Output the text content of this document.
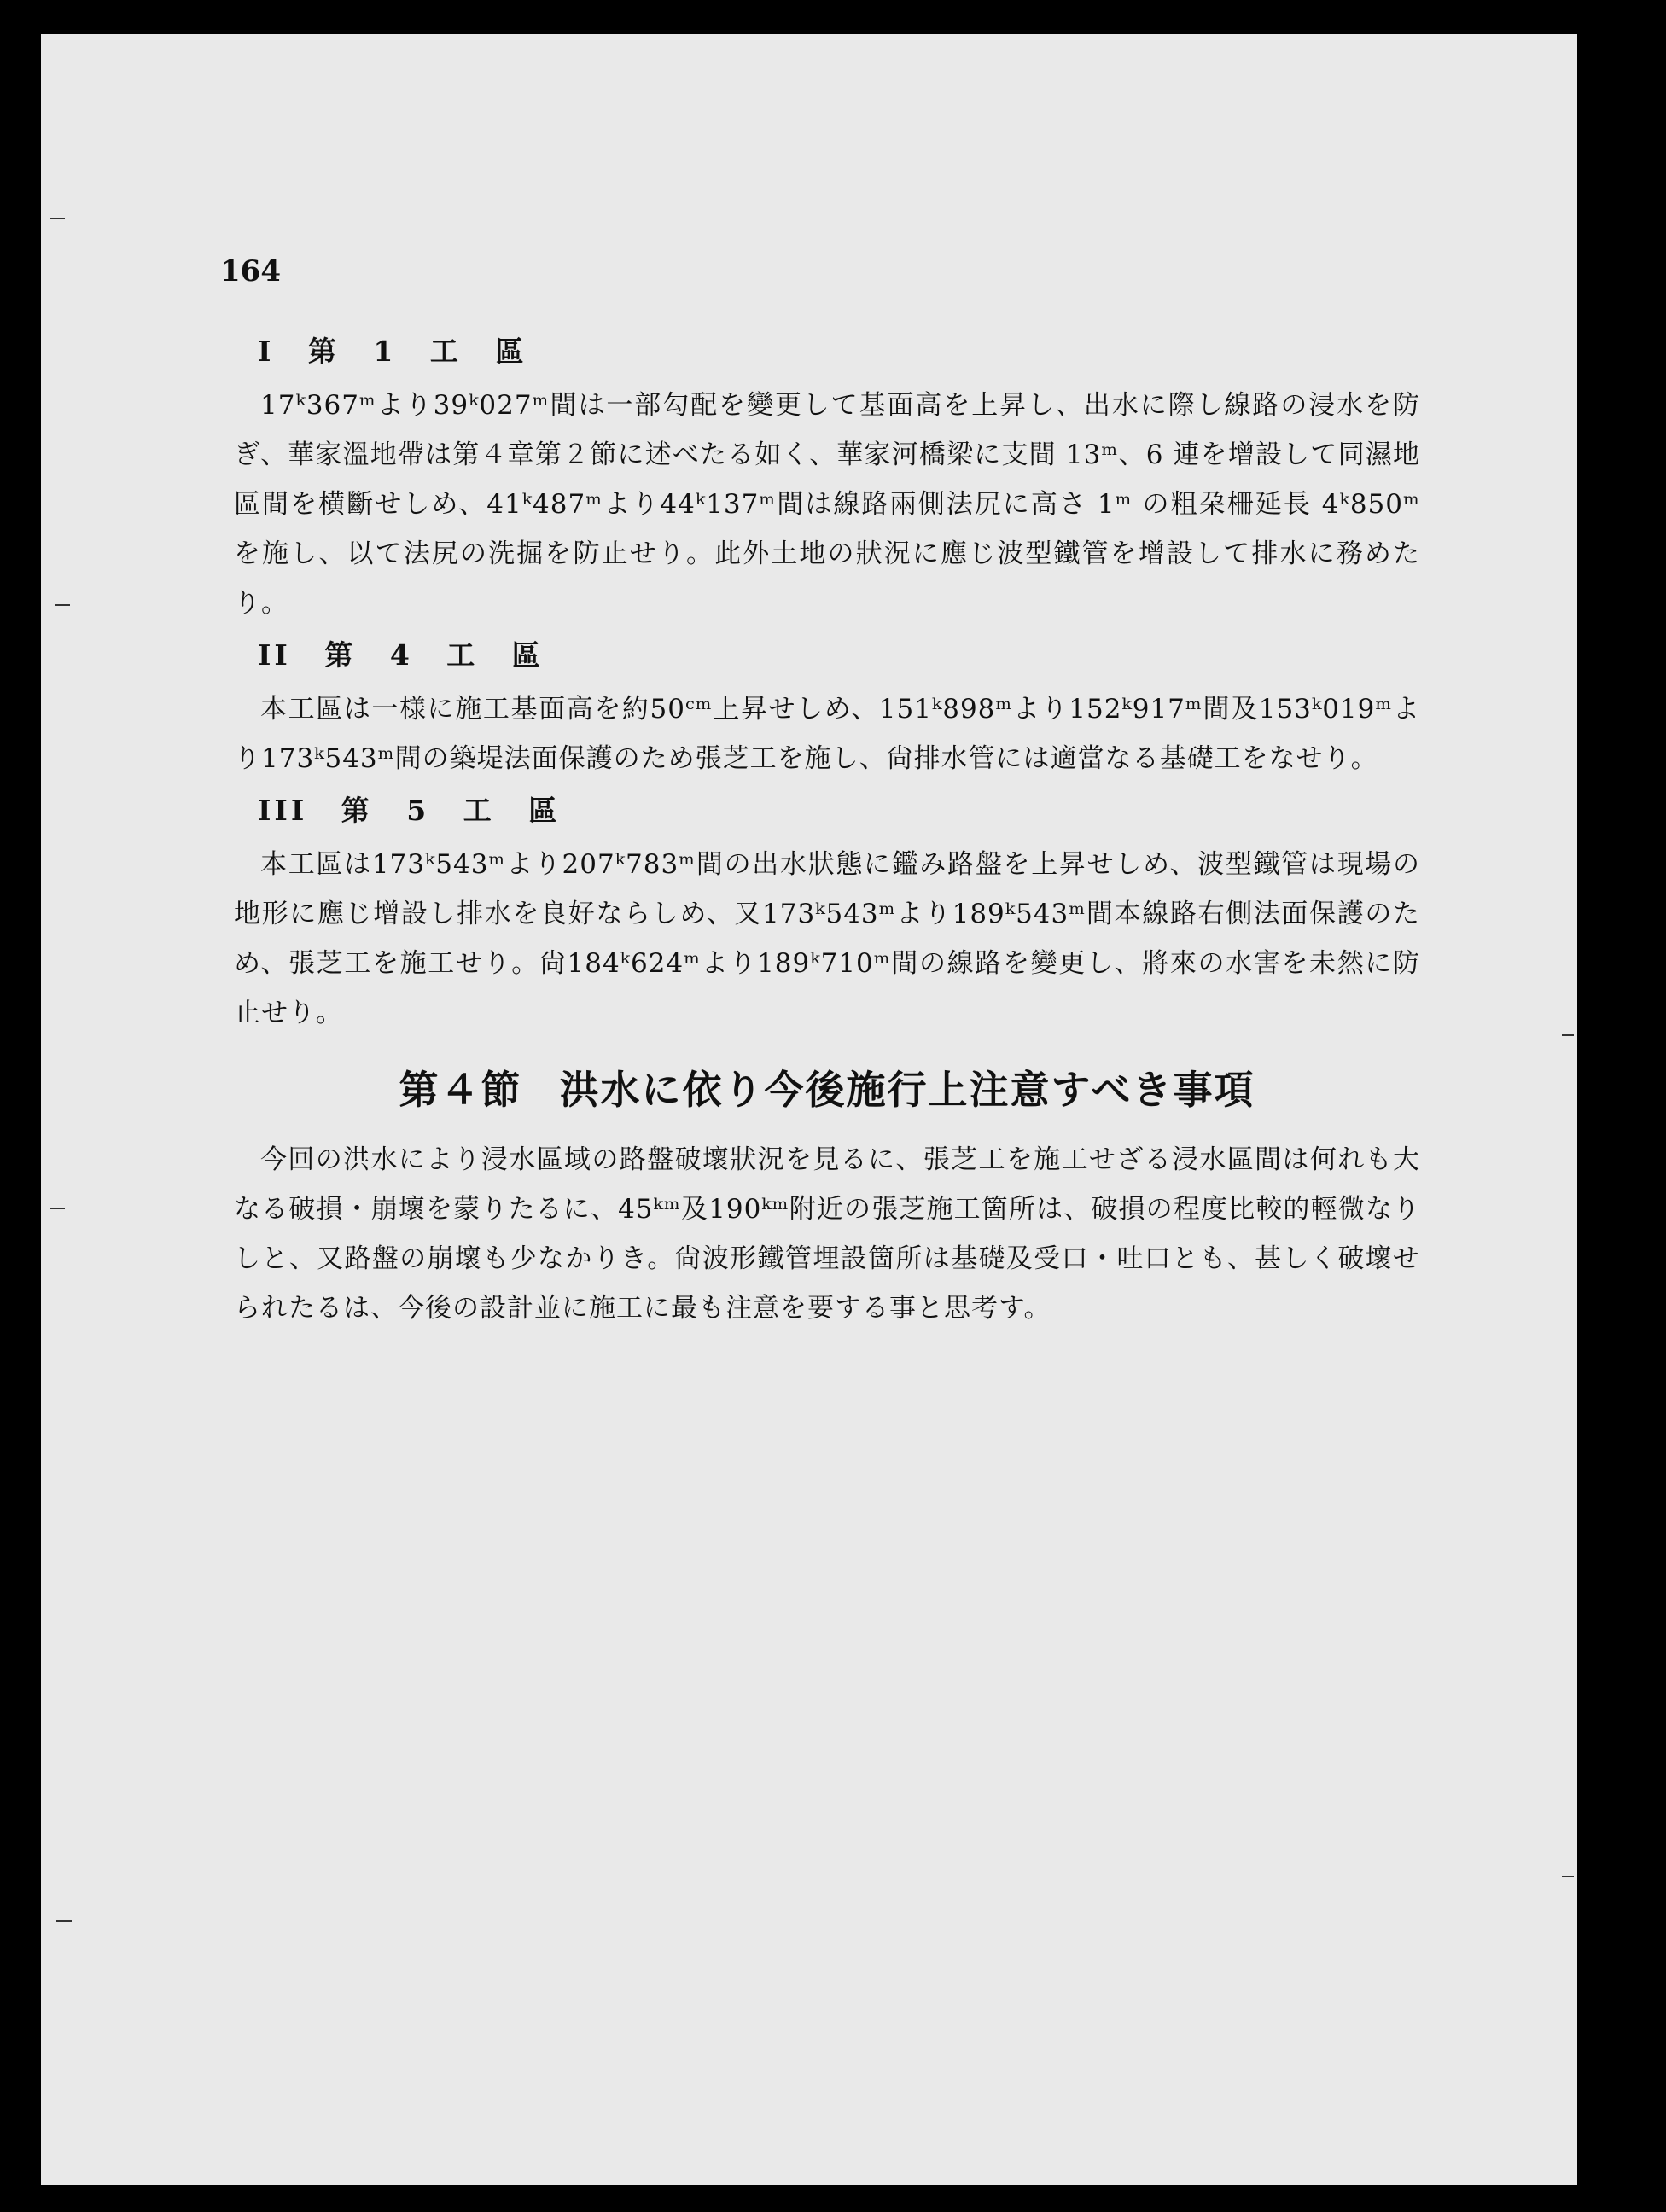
164
I 第 1 工 區

17ᵏ367ᵐより39ᵏ027ᵐ間は一部勾配を變更して基面高を上昇し、出水に際し線路の浸水を防ぎ、華家溫地帶は第４章第２節に述べたる如く、華家河橋梁に支間 13ᵐ、6 連を增設して同濕地區間を横斷せしめ、41ᵏ487ᵐより44ᵏ137ᵐ間は線路兩側法尻に高さ 1ᵐ の粗朶柵延長 4ᵏ850ᵐ を施し、以て法尻の洗掘を防止せり。此外土地の狀況に應じ波型鐵管を增設して排水に務めたり。

II 第 4 工 區

本工區は一様に施工基面高を約50ᶜᵐ上昇せしめ、151ᵏ898ᵐより152ᵏ917ᵐ間及153ᵏ019ᵐより173ᵏ543ᵐ間の築堤法面保護のため張芝工を施し、尙排水管には適當なる基礎工をなせり。

III 第 5 工 區

本工區は173ᵏ543ᵐより207ᵏ783ᵐ間の出水狀態に鑑み路盤を上昇せしめ、波型鐵管は現場の地形に應じ增設し排水を良好ならしめ、又173ᵏ543ᵐより189ᵏ543ᵐ間本線路右側法面保護のため、張芝工を施工せり。尙184ᵏ624ᵐより189ᵏ710ᵐ間の線路を變更し、將來の水害を未然に防止せり。

第４節 洪水に依り今後施行上注意すべき事項

今回の洪水により浸水區域の路盤破壞狀況を見るに、張芝工を施工せざる浸水區間は何れも大なる破損・崩壞を蒙りたるに、45ᵏᵐ及190ᵏᵐ附近の張芝施工箇所は、破損の程度比較的輕微なりしと、又路盤の崩壞も少なかりき。尙波形鐵管埋設箇所は基礎及受口・吐口とも、甚しく破壞せられたるは、今後の設計並に施工に最も注意を要する事と思考す。
